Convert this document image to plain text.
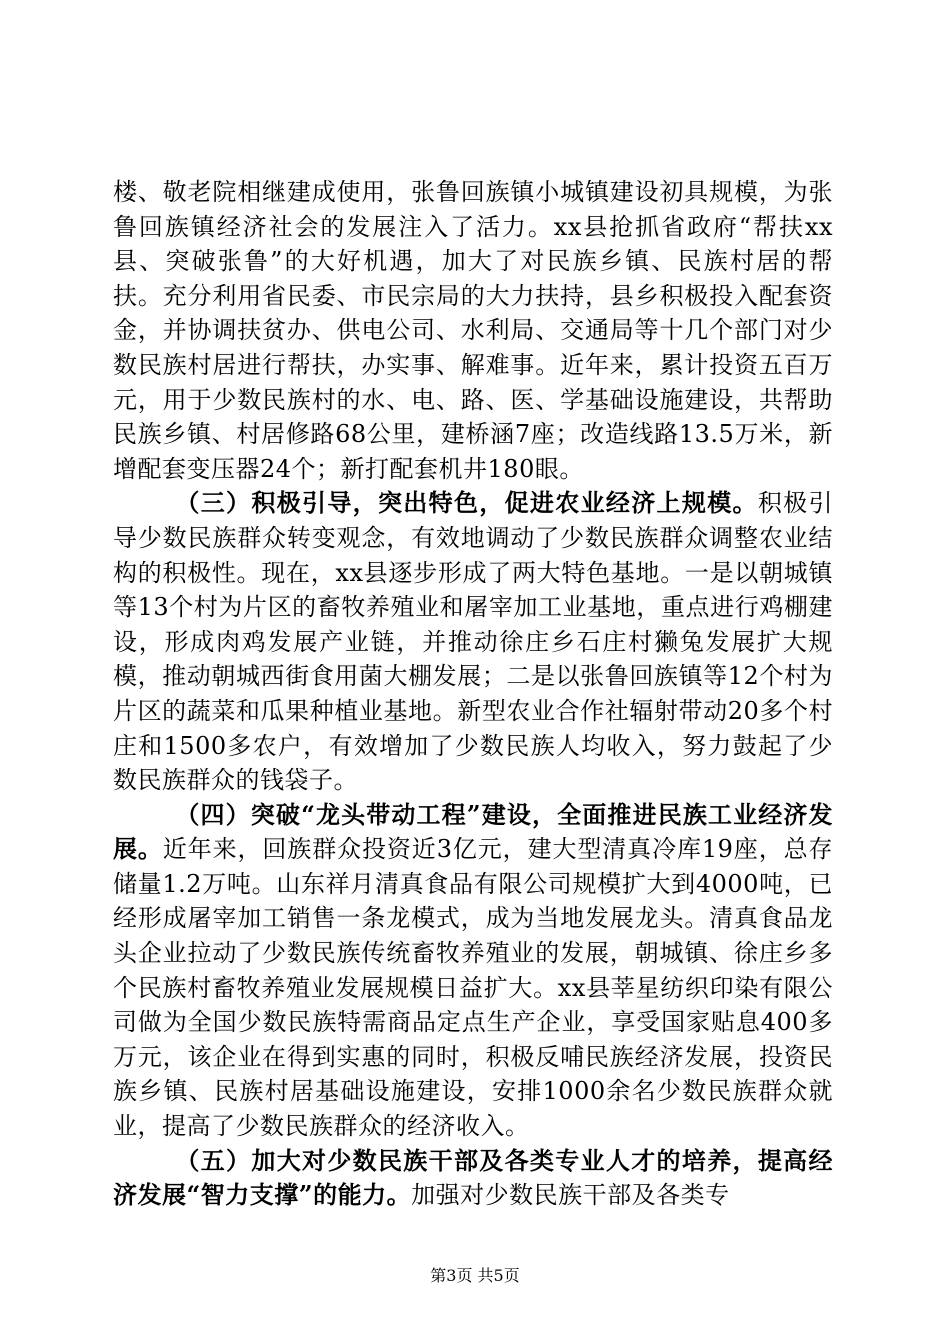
楼、敬老院相继建成使用，张鲁回族镇小城镇建设初具规模，为张鲁回族镇经济社会的发展注入了活力。xx县抢抓省政府“帮扶xx县、突破张鲁”的大好机遇，加大了对民族乡镇、民族村居的帮扶。充分利用省民委、市民宗局的大力扶持，县乡积极投入配套资金，并协调扶贫办、供电公司、水利局、交通局等十几个部门对少数民族村居进行帮扶，办实事、解难事。近年来，累计投资五百万元，用于少数民族村的水、电、路、医、学基础设施建设，共帮助民族乡镇、村居修路68公里，建桥涵7座；改造线路13.5万米，新增配套变压器24个；新打配套机井180眼。

（三）积极引导，突出特色，促进农业经济上规模。积极引导少数民族群众转变观念，有效地调动了少数民族群众调整农业结构的积极性。现在，xx县逐步形成了两大特色基地。一是以朝城镇等13个村为片区的畜牧养殖业和屠宰加工业基地，重点进行鸡棚建设，形成肉鸡发展产业链，并推动徐庄乡石庄村獭兔发展扩大规模，推动朝城西街食用菌大棚发展；二是以张鲁回族镇等12个村为片区的蔬菜和瓜果种植业基地。新型农业合作社辐射带动20多个村庄和1500多农户，有效增加了少数民族人均收入，努力鼓起了少数民族群众的钱袋子。

（四）突破“龙头带动工程”建设，全面推进民族工业经济发展。近年来，回族群众投资近3亿元，建大型清真冷库19座，总存储量1.2万吨。山东祥月清真食品有限公司规模扩大到4000吨，已经形成屠宰加工销售一条龙模式，成为当地发展龙头。清真食品龙头企业拉动了少数民族传统畜牧养殖业的发展，朝城镇、徐庄乡多个民族村畜牧养殖业发展规模日益扩大。xx县莘星纺织印染有限公司做为全国少数民族特需商品定点生产企业，享受国家贴息400多万元，该企业在得到实惠的同时，积极反哺民族经济发展，投资民族乡镇、民族村居基础设施建设，安排1000余名少数民族群众就业，提高了少数民族群众的经济收入。

（五）加大对少数民族干部及各类专业人才的培养，提高经济发展“智力支撑”的能力。加强对少数民族干部及各类专

第3页 共5页
